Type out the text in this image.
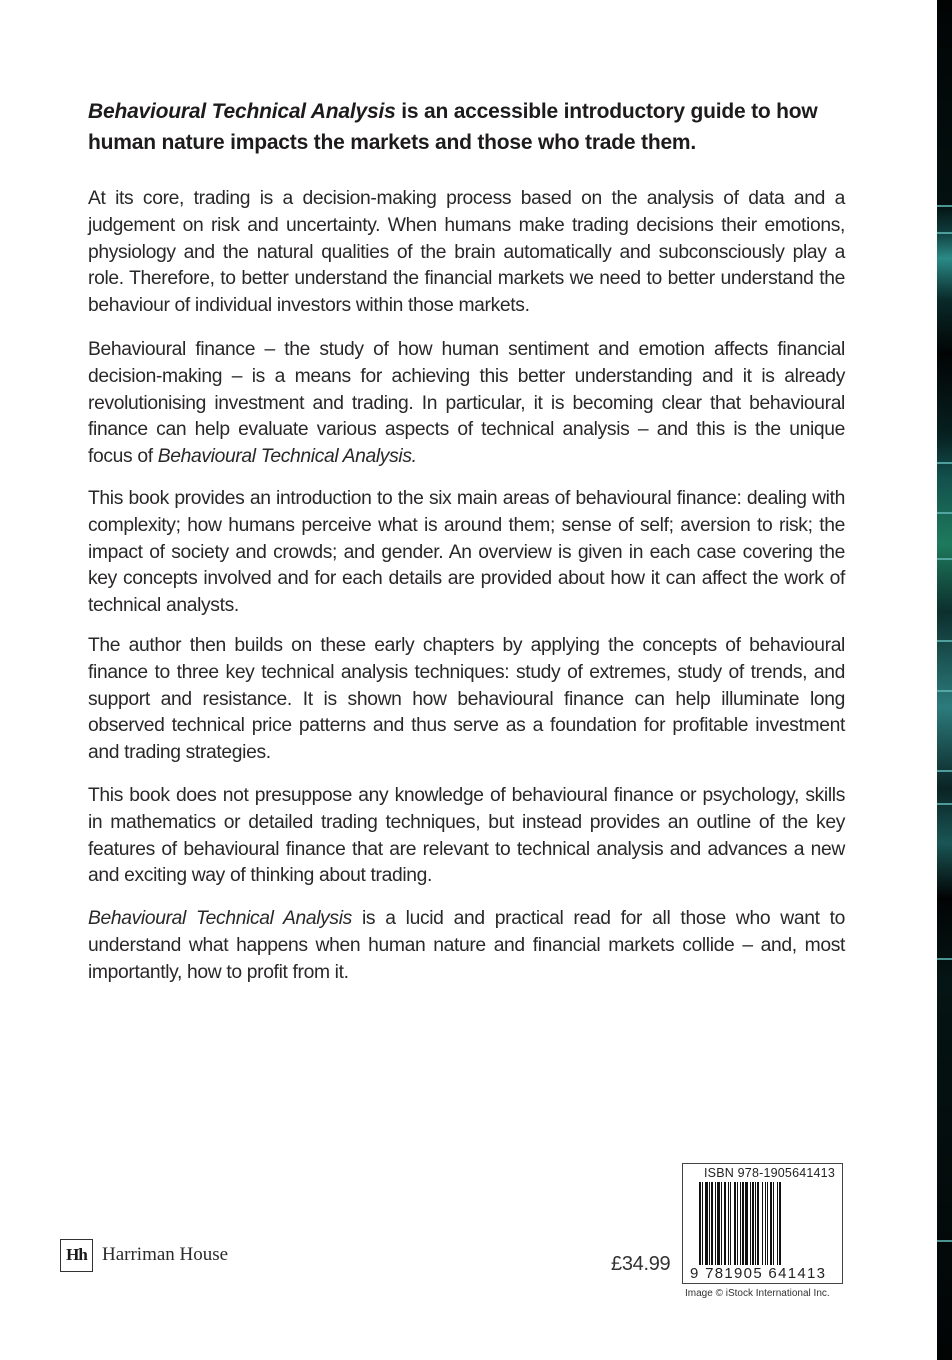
Behavioural Technical Analysis is an accessible introductory guide to how human nature impacts the markets and those who trade them.

At its core, trading is a decision-making process based on the analysis of data and a judgement on risk and uncertainty. When humans make trading decisions their emotions, physiology and the natural qualities of the brain automatically and subconsciously play a role. Therefore, to better understand the financial markets we need to better understand the behaviour of individual investors within those markets.

Behavioural finance – the study of how human sentiment and emotion affects financial decision-making – is a means for achieving this better understanding and it is already revolutionising investment and trading. In particular, it is becoming clear that behavioural finance can help evaluate various aspects of technical analysis – and this is the unique focus of Behavioural Technical Analysis.

This book provides an introduction to the six main areas of behavioural finance: dealing with complexity; how humans perceive what is around them; sense of self; aversion to risk; the impact of society and crowds; and gender. An overview is given in each case covering the key concepts involved and for each details are provided about how it can affect the work of technical analysts.

The author then builds on these early chapters by applying the concepts of behavioural finance to three key technical analysis techniques: study of extremes, study of trends, and support and resistance. It is shown how behavioural finance can help illuminate long observed technical price patterns and thus serve as a foundation for profitable investment and trading strategies.

This book does not presuppose any knowledge of behavioural finance or psychology, skills in mathematics or detailed trading techniques, but instead provides an outline of the key features of behavioural finance that are relevant to technical analysis and advances a new and exciting way of thinking about trading.

Behavioural Technical Analysis is a lucid and practical read for all those who want to understand what happens when human nature and financial markets collide – and, most importantly, how to profit from it.

Hh Harriman House	£34.99
ISBN 978-1905641413
9 781905 641413
Image © iStock International Inc.
